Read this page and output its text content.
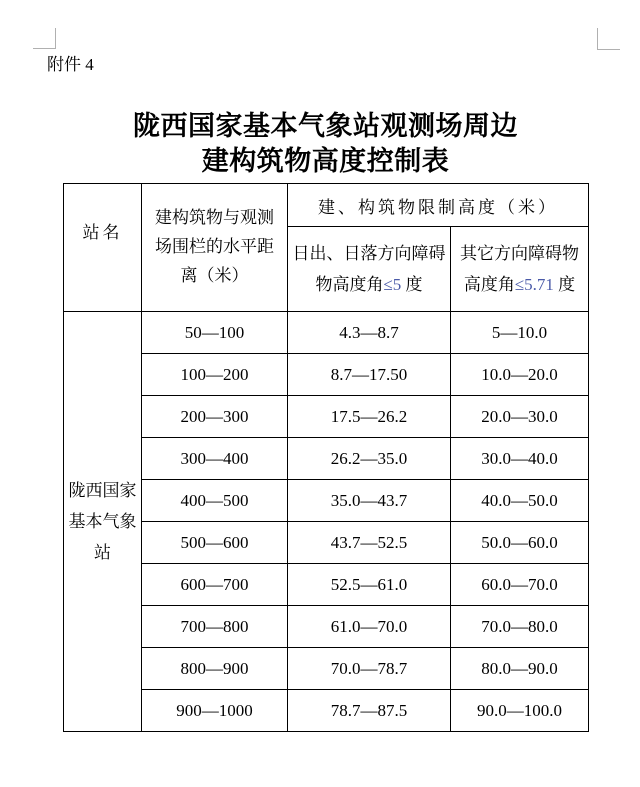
附件 4
陇西国家基本气象站观测场周边
建构筑物高度控制表
站名	建构筑物与观测场围栏的水平距离（米）	建、构筑物限制高度（米）	

		日出、日落方向障碍物高度角≤5 度	其它方向障碍物高度角≤5.71 度

陇西国家基本气象站	50—100	4.3—8.7	5—10.0
	100—200	8.7—17.50	10.0—20.0
	200—300	17.5—26.2	20.0—30.0
	300—400	26.2—35.0	30.0—40.0
	400—500	35.0—43.7	40.0—50.0
	500—600	43.7—52.5	50.0—60.0
	600—700	52.5—61.0	60.0—70.0
	700—800	61.0—70.0	70.0—80.0
	800—900	70.0—78.7	80.0—90.0
	900—1000	78.7—87.5	90.0—100.0
